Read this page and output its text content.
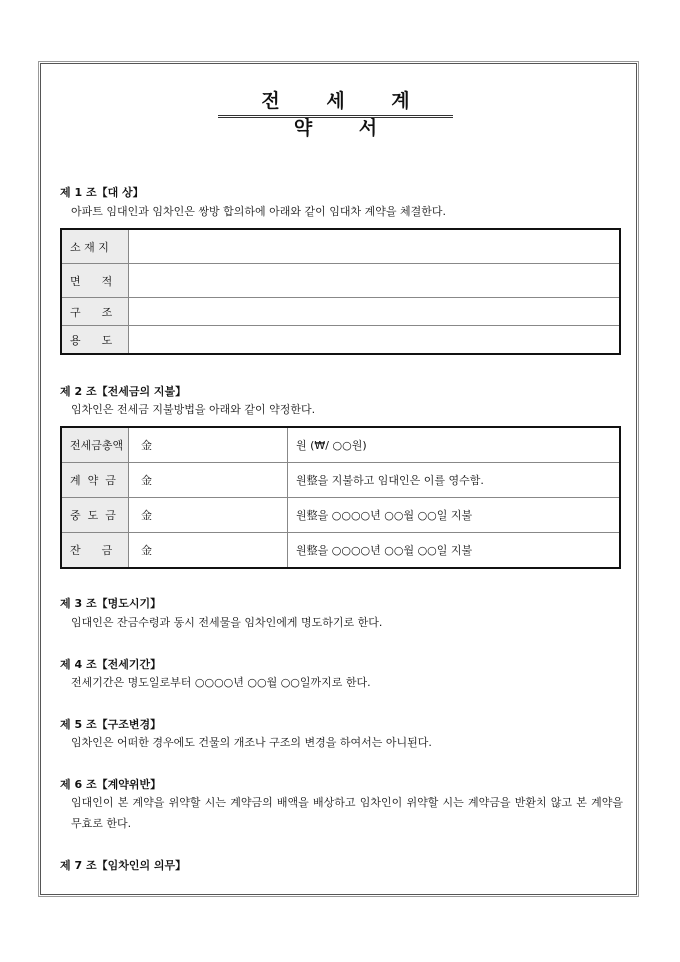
전 세 계 약 서
제 1 조【대 상】
아파트 임대인과 임차인은 쌍방 합의하에 아래와 같이 임대차 계약을 체결한다.
소 재 지	
면      적	
구      조	
용      도	
제 2 조【전세금의 지불】
임차인은 전세금 지불방법을 아래와 같이 약정한다.
전세금총액	金	원 (₩/ ○○원)
계  약  금	金	원整을 지불하고 임대인은 이를 영수함.
중  도  금	金	원整을 ○○○○년 ○○월 ○○일 지불
잔      금	金	원整을 ○○○○년 ○○월 ○○일 지불
제 3 조【명도시기】
임대인은 잔금수령과 동시 전세물을 임차인에게 명도하기로 한다.
제 4 조【전세기간】
전세기간은 명도일로부터 ○○○○년 ○○월 ○○일까지로 한다.
제 5 조【구조변경】
임차인은 어떠한 경우에도 건물의 개조나 구조의 변경을 하여서는 아니된다.
제 6 조【계약위반】
임대인이 본 계약을 위약할 시는 계약금의 배액을 배상하고 임차인이 위약할 시는 계약금을 반환치 않고 본 계약을 무효로 한다.
제 7 조【임차인의 의무】
